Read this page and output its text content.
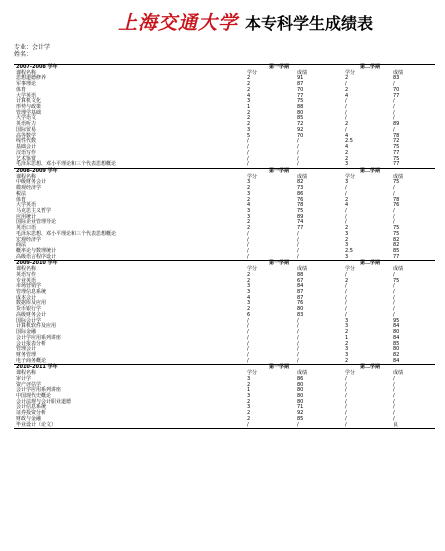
上海交通大学 本专科学生成绩表
专业：会计学
姓名：
2007-2008 学年	第一学期	第二学期
课程名称	学分	成绩	学分	成绩
思想道德修养	2	91	2	83
军事理论	2	87	/	/
体育	2	70	2	70
大学英语	4	77	4	77
计算机文化	3	75	/	/
形势与政策	1	88	/	/
管理学基础	2	80	/	/
大学语文	2	85	/	/
英语听力	2	72	2	89
国际贸易	3	92	/	/
高等数学	5	70	4	78
线性代数	/	/	2.5	72
基础会计	/	/	4	75
汉语写作	/	/	2	77
艺术鉴赏	/	/	2	75
毛泽东思想、邓小平理论和三个代表思想概论	/	/	3	77
2008-2009 学年	第一学期	第二学期
课程名称	学分	成绩	学分	成绩
中级财务会计	3	82	3	75
微观经济学	2	73	/	/
税法	3	86	/	/
体育	2	76	2	78
大学英语	4	78	4	76
马克思主义哲学	3	75	/	/
应用统计	3	89	/	/
国际企业管理导论	2	74	/	/
英语口语	2	77	2	75
毛泽东思想、邓小平理论和三个代表思想概论	/	/	3	75
宏观经济学	/	/	2	82
商法	/	/	3	82
概率论与数理统计	/	/	2.5	85
高级语言程序设计	/	/	3	77
2009-2010 学年	第一学期	第二学期
课程名称	学分	成绩	学分	成绩
英语写作	2	88	/	/
专业英语	2	67	2	75
市场营销学	3	84	/	/
管理信息系统	3	87	/	/
成本会计	4	87	/	/
数据库及应用	3	76	/	/
货币银行学	2	80	/	/
高级财务会计	6	83	/	/
国际会计学	/	/	3	95
计算机软件及应用	/	/	3	84
国际金融	/	/	2	80
会计学应用系列讲座	/	/	1	84
会计报表分析	/	/	2	85
管理会计	/	/	3	80
财务管理	/	/	3	82
电子商务概论	/	/	2	84
2010-2011 学年	第一学期	第二学期
课程名称	学分	成绩	学分	成绩
审计学	3	86	/	/
资产评估学	2	80	/	/
会计学应用系列讲座	1	80	/	/
中国现代史概论	3	80	/	/
会计法规与会计职业道德	2	80	/	/
会计信息系统	3	71	/	/
证券投资分析	2	92	/	/
财政与金融	2	85	/	/
毕业设计（论文）	/	/	/	良
